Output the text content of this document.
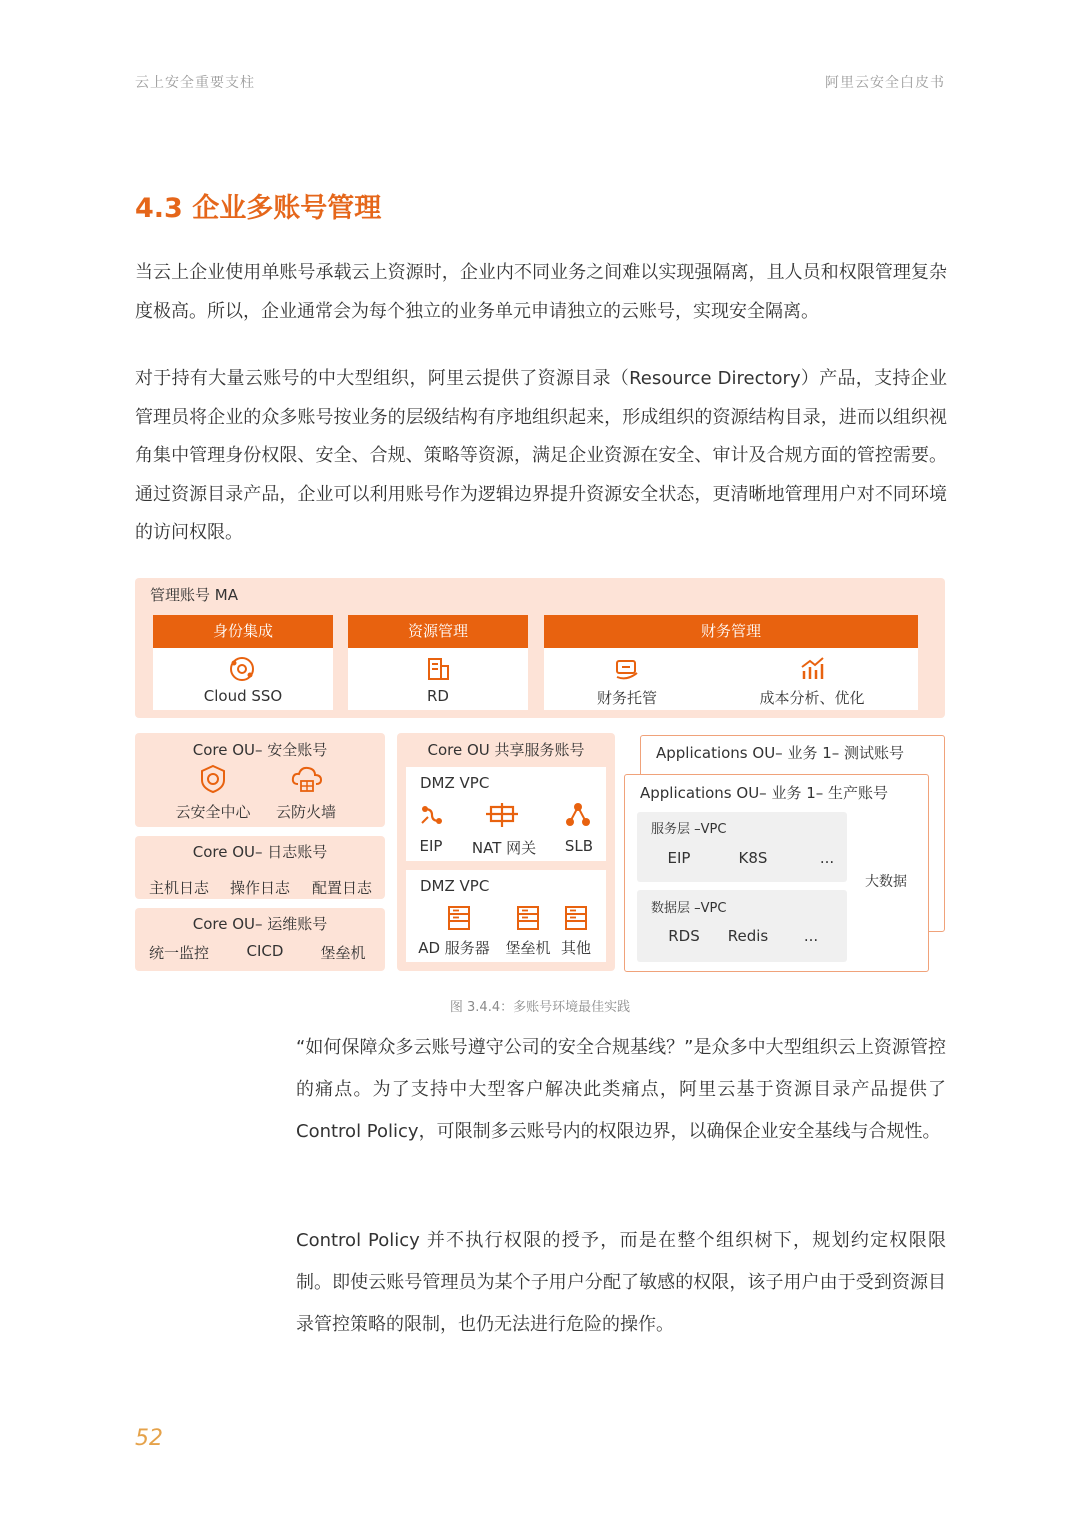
云上安全重要支柱	阿里云安全白皮书
4.3 企业多账号管理
当云上企业使用单账号承载云上资源时，企业内不同业务之间难以实现强隔离，且人员和权限管理复杂度极高。所以，企业通常会为每个独立的业务单元申请独立的云账号，实现安全隔离。
对于持有大量云账号的中大型组织，阿里云提供了资源目录（Resource Directory）产品，支持企业管理员将企业的众多账号按业务的层级结构有序地组织起来，形成组织的资源结构目录，进而以组织视角集中管理身份权限、安全、合规、策略等资源，满足企业资源在安全、审计及合规方面的管控需要。通过资源目录产品，企业可以利用账号作为逻辑边界提升资源安全状态，更清晰地管理用户对不同环境的访问权限。
管理账号 MA
身份集成
Cloud SSO
资源管理
RD
财务管理
财务托管	成本分析、优化
Core OU– 安全账号
云安全中心	云防火墙
Core OU– 日志账号
主机日志	操作日志	配置日志
Core OU– 运维账号
统一监控	CICD	堡垒机
Core OU 共享服务账号
DMZ VPC
EIP	NAT 网关	SLB
DMZ VPC
AD 服务器 堡垒机 其他
Applications OU– 业务 1– 测试账号
Applications OU– 业务 1– 生产账号
服务层 –VPC
EIP	K8S	...
数据层 –VPC
RDS	Redis	...
大数据
图 3.4.4：多账号环境最佳实践
“如何保障众多云账号遵守公司的安全合规基线？”是众多中大型组织云上资源管控的痛点。为了支持中大型客户解决此类痛点，阿里云基于资源目录产品提供了 Control Policy，可限制多云账号内的权限边界，以确保企业安全基线与合规性。
Control Policy 并不执行权限的授予，而是在整个组织树下，规划约定权限限制。即使云账号管理员为某个子用户分配了敏感的权限，该子用户由于受到资源目录管控策略的限制，也仍无法进行危险的操作。
52
